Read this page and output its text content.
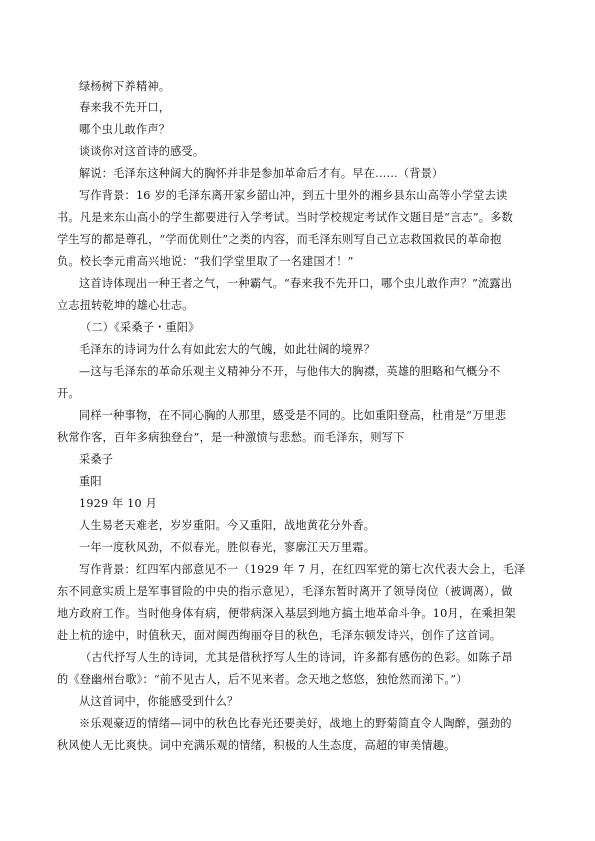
绿杨树下养精神。
春来我不先开口，
哪个虫儿敢作声？
谈谈你对这首诗的感受。
解说：毛泽东这种阔大的胸怀并非是参加革命后才有。早在……（背景）
写作背景：16 岁的毛泽东离开家乡韶山冲，到五十里外的湘乡县东山高等小学堂去读
书。凡是来东山高小的学生都要进行入学考试。当时学校规定考试作文题目是“言志”。多数
学生写的都是尊孔，“学而优则仕”之类的内容，而毛泽东则写自己立志救国救民的革命抱
负。校长李元甫高兴地说：“我们学堂里取了一名建国才！”
这首诗体现出一种王者之气，一种霸气。“春来我不先开口，哪个虫儿敢作声？”流露出
立志扭转乾坤的雄心壮志。
（二）《采桑子・重阳》
毛泽东的诗词为什么有如此宏大的气魄，如此壮阔的境界？
—这与毛泽东的革命乐观主义精神分不开，与他伟大的胸襟，英雄的胆略和气概分不
开。
同样一种事物，在不同心胸的人那里，感受是不同的。比如重阳登高，杜甫是“万里悲
秋常作客，百年多病独登台”，是一种激愤与悲愁。而毛泽东，则写下
采桑子
重阳
1929 年 10 月
人生易老天难老，岁岁重阳。今又重阳，战地黄花分外香。
一年一度秋风劲，不似春光。胜似春光，寥廓江天万里霜。
写作背景：红四军内部意见不一（1929 年 7 月，在红四军党的第七次代表大会上，毛泽
东不同意实质上是军事冒险的中央的指示意见），毛泽东暂时离开了领导岗位（被调离），做
地方政府工作。当时他身体有病，便带病深入基层到地方搞土地革命斗争。10月，在乘担架
赴上杭的途中，时值秋天，面对闽西绚丽夺目的秋色，毛泽东顿发诗兴，创作了这首词。
（古代抒写人生的诗词，尤其是借秋抒写人生的诗词，许多都有感伤的色彩。如陈子昂
的《登幽州台歌》：“前不见古人，后不见来者。念天地之悠悠，独怆然而涕下。”）
从这首词中，你能感受到什么？
※乐观豪迈的情绪—词中的秋色比春光还要美好，战地上的野菊简直令人陶醉，强劲的
秋风使人无比爽快。词中充满乐观的情绪，积极的人生态度，高超的审美情趣。
